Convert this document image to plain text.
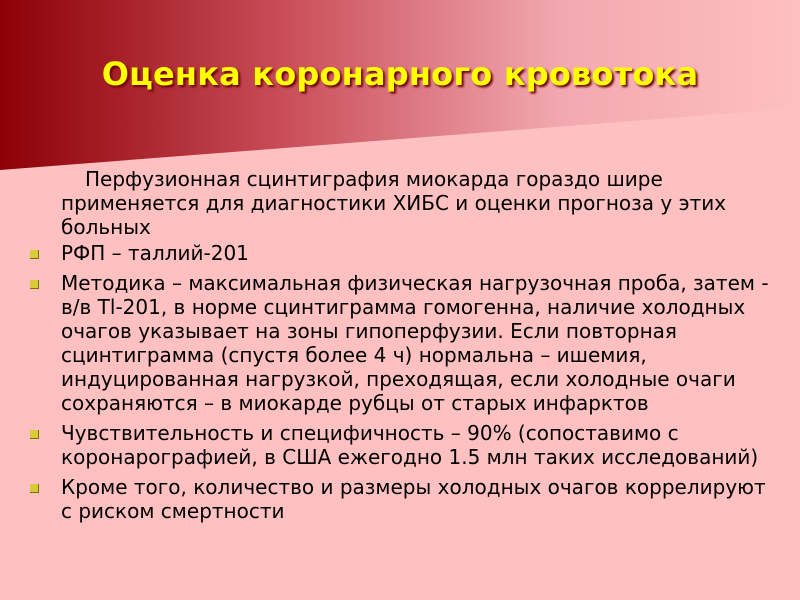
Оценка коронарного кровотока

Перфузионная сцинтиграфия миокарда гораздо шире применяется для диагностики ХИБС и оценки прогноза у этих больных

РФП – таллий-201
Методика – максимальная физическая нагрузочная проба, затем - в/в Tl-201, в норме сцинтиграмма гомогенна, наличие холодных очагов указывает на зоны гипоперфузии. Если повторная сцинтиграмма (спустя более 4 ч) нормальна – ишемия, индуцированная нагрузкой, преходящая, если холодные очаги сохраняются – в миокарде рубцы от старых инфарктов
Чувствительность и специфичность – 90% (сопоставимо с коронарографией, в США ежегодно 1.5 млн таких исследований)
Кроме того, количество и размеры холодных очагов коррелируют с риском смертности
